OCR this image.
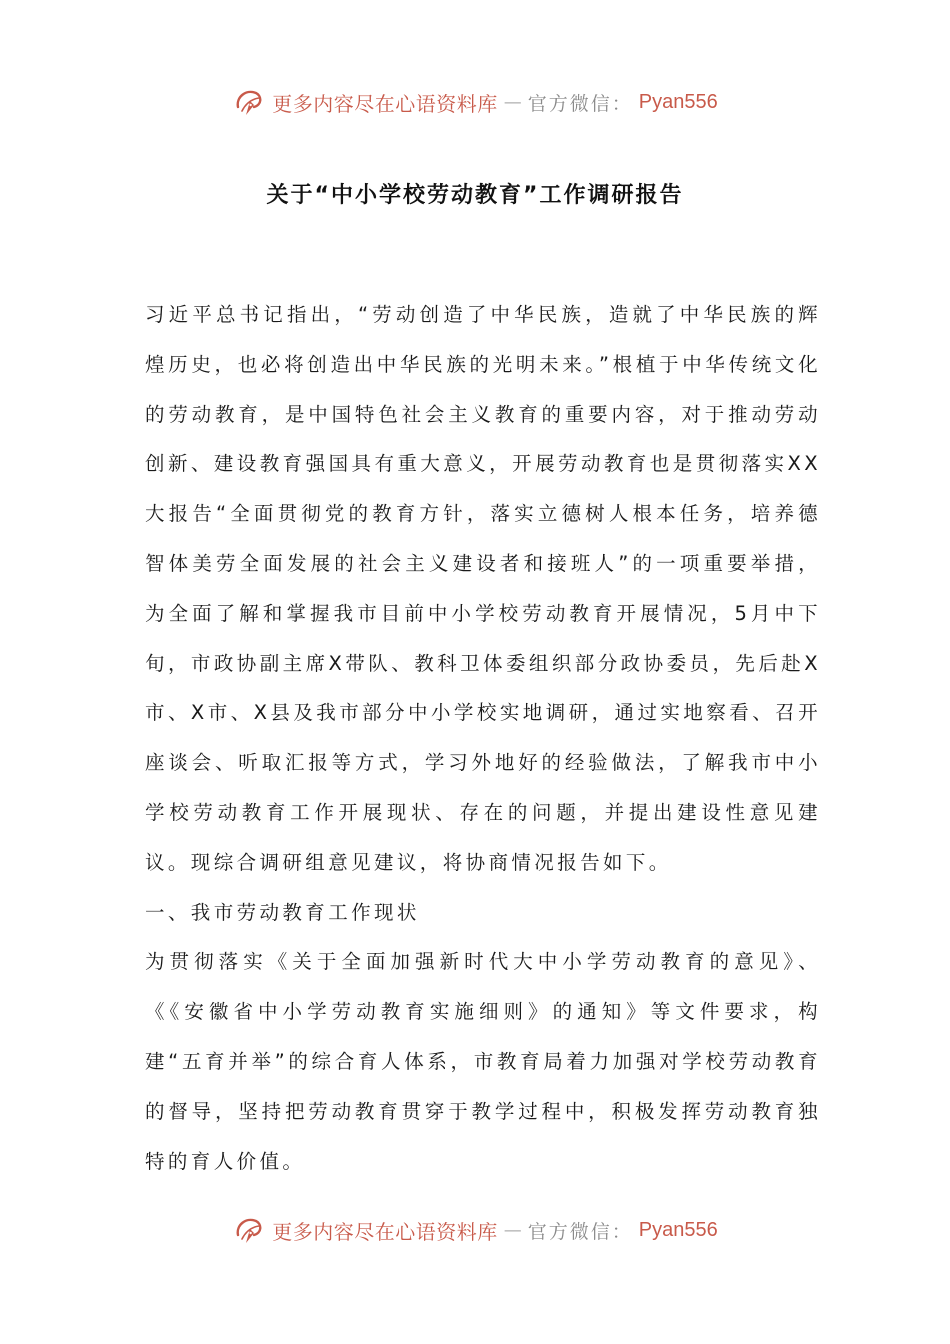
更多内容尽在心语资料库 — 官方微信： Pyan556
关于“中小学校劳动教育”工作调研报告

习近平总书记指出，“劳动创造了中华民族，造就了中华民族的辉煌历史，也必将创造出中华民族的光明未来。”根植于中华传统文化的劳动教育，是中国特色社会主义教育的重要内容，对于推动劳动创新、建设教育强国具有重大意义，开展劳动教育也是贯彻落实XX大报告“全面贯彻党的教育方针，落实立德树人根本任务，培养德智体美劳全面发展的社会主义建设者和接班人”的一项重要举措，为全面了解和掌握我市目前中小学校劳动教育开展情况，5月中下旬，市政协副主席X带队、教科卫体委组织部分政协委员，先后赴X市、X市、X县及我市部分中小学校实地调研，通过实地察看、召开座谈会、听取汇报等方式，学习外地好的经验做法，了解我市中小学校劳动教育工作开展现状、存在的问题，并提出建设性意见建议。现综合调研组意见建议，将协商情况报告如下。

一、我市劳动教育工作现状

为贯彻落实《关于全面加强新时代大中小学劳动教育的意见》、《《安徽省中小学劳动教育实施细则》的通知》等文件要求，构建“五育并举”的综合育人体系，市教育局着力加强对学校劳动教育的督导，坚持把劳动教育贯穿于教学过程中，积极发挥劳动教育独特的育人价值。

更多内容尽在心语资料库 — 官方微信： Pyan556
